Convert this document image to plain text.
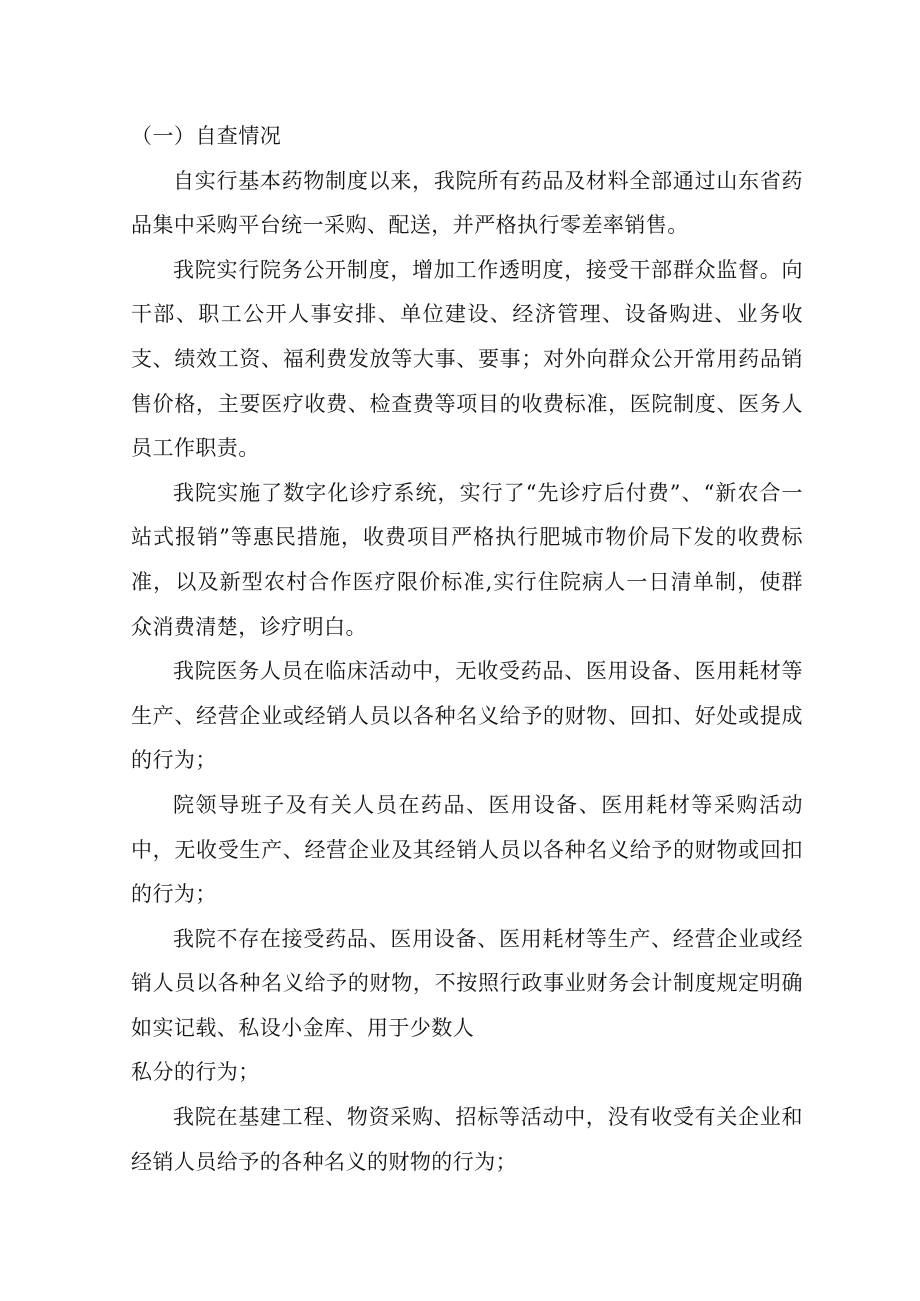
（一）自查情况

自实行基本药物制度以来，我院所有药品及材料全部通过山东省药品集中采购平台统一采购、配送，并严格执行零差率销售。

我院实行院务公开制度，增加工作透明度，接受干部群众监督。向干部、职工公开人事安排、单位建设、经济管理、设备购进、业务收支、绩效工资、福利费发放等大事、要事；对外向群众公开常用药品销售价格，主要医疗收费、检查费等项目的收费标准，医院制度、医务人员工作职责。

我院实施了数字化诊疗系统，实行了“先诊疗后付费”、“新农合一站式报销”等惠民措施，收费项目严格执行肥城市物价局下发的收费标准，以及新型农村合作医疗限价标准,实行住院病人一日清单制，使群众消费清楚，诊疗明白。

我院医务人员在临床活动中，无收受药品、医用设备、医用耗材等生产、经营企业或经销人员以各种名义给予的财物、回扣、好处或提成的行为；

院领导班子及有关人员在药品、医用设备、医用耗材等采购活动中，无收受生产、经营企业及其经销人员以各种名义给予的财物或回扣的行为；

我院不存在接受药品、医用设备、医用耗材等生产、经营企业或经销人员以各种名义给予的财物，不按照行政事业财务会计制度规定明确如实记载、私设小金库、用于少数人

私分的行为；

我院在基建工程、物资采购、招标等活动中，没有收受有关企业和经销人员给予的各种名义的财物的行为；
